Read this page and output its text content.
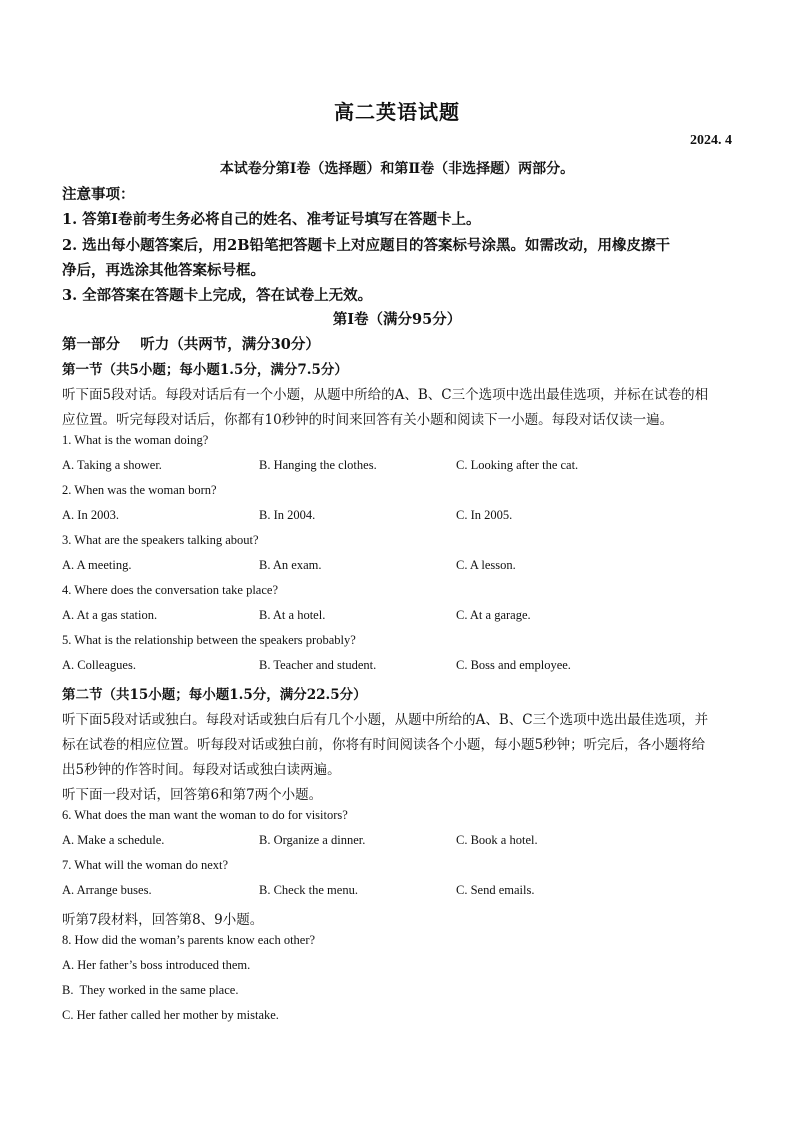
高二英语试题
2024. 4
本试卷分第Ⅰ卷（选择题）和第Ⅱ卷（非选择题）两部分。
注意事项：
1. 答第Ⅰ卷前考生务必将自己的姓名、准考证号填写在答题卡上。
2. 选出每小题答案后，用2B铅笔把答题卡上对应题目的答案标号涂黑。如需改动，用橡皮擦干
净后，再选涂其他答案标号框。
3. 全部答案在答题卡上完成，答在试卷上无效。
第Ⅰ卷（满分95分）
第一部分    听力（共两节，满分30分）
第一节（共5小题；每小题1.5分，满分7.5分）
听下面5段对话。每段对话后有一个小题，从题中所给的A、B、C三个选项中选出最佳选项，并标在试卷的相
应位置。听完每段对话后，你都有10秒钟的时间来回答有关小题和阅读下一小题。每段对话仅读一遍。
1. What is the woman doing?
A. Taking a shower.	B. Hanging the clothes.	C. Looking after the cat.
2. When was the woman born?
A. In 2003.	B. In 2004.	C. In 2005.
3. What are the speakers talking about?
A. A meeting.	B. An exam.	C. A lesson.
4. Where does the conversation take place?
A. At a gas station.	B. At a hotel.	C. At a garage.
5. What is the relationship between the speakers probably?
A. Colleagues.	B. Teacher and student.	C. Boss and employee.
第二节（共15小题；每小题1.5分，满分22.5分）
听下面5段对话或独白。每段对话或独白后有几个小题，从题中所给的A、B、C三个选项中选出最佳选项，并
标在试卷的相应位置。听每段对话或独白前，你将有时间阅读各个小题，每小题5秒钟；听完后，各小题将给
出5秒钟的作答时间。每段对话或独白读两遍。
听下面一段对话，回答第6和第7两个小题。
6. What does the man want the woman to do for visitors?
A. Make a schedule.	B. Organize a dinner.	C. Book a hotel.
7. What will the woman do next?
A. Arrange buses.	B. Check the menu.	C. Send emails.
听第7段材料，回答第8、9小题。
8. How did the woman’s parents know each other?
A. Her father’s boss introduced them.
B.  They worked in the same place.
C. Her father called her mother by mistake.
